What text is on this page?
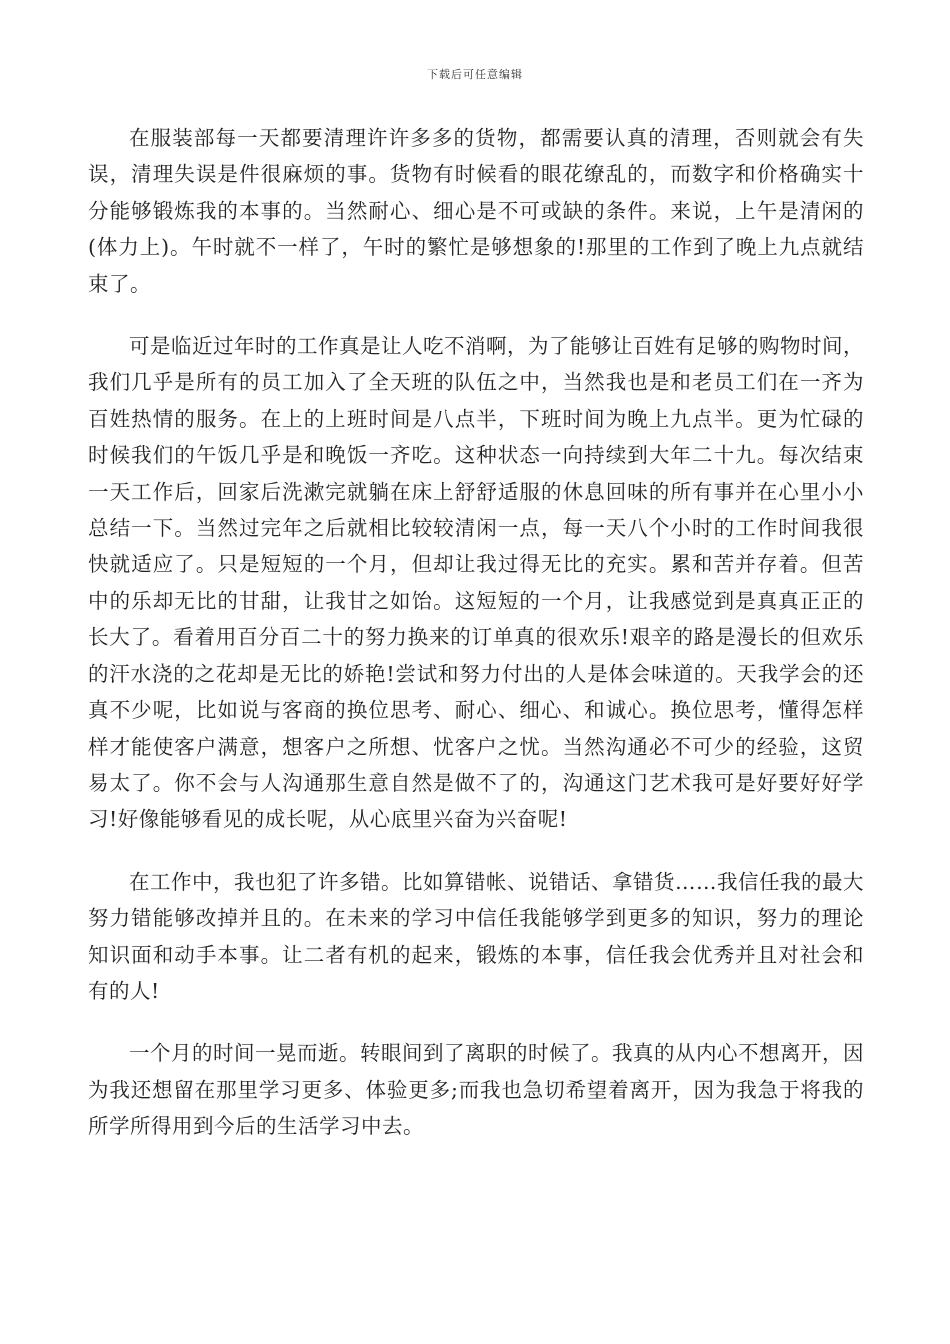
下载后可任意编辑

在服装部每一天都要清理许许多多的货物，都需要认真的清理，否则就会有失误，清理失误是件很麻烦的事。货物有时候看的眼花缭乱的，而数字和价格确实十分能够锻炼我的本事的。当然耐心、细心是不可或缺的条件。来说，上午是清闲的(体力上)。午时就不一样了，午时的繁忙是够想象的!那里的工作到了晚上九点就结束了。

可是临近过年时的工作真是让人吃不消啊，为了能够让百姓有足够的购物时间，我们几乎是所有的员工加入了全天班的队伍之中，当然我也是和老员工们在一齐为百姓热情的服务。在上的上班时间是八点半，下班时间为晚上九点半。更为忙碌的时候我们的午饭几乎是和晚饭一齐吃。这种状态一向持续到大年二十九。每次结束一天工作后，回家后洗漱完就躺在床上舒舒适服的休息回味的所有事并在心里小小总结一下。当然过完年之后就相比较较清闲一点，每一天八个小时的工作时间我很快就适应了。只是短短的一个月，但却让我过得无比的充实。累和苦并存着。但苦中的乐却无比的甘甜，让我甘之如饴。这短短的一个月，让我感觉到是真真正正的长大了。看着用百分百二十的努力换来的订单真的很欢乐!艰辛的路是漫长的但欢乐的汗水浇的之花却是无比的娇艳!尝试和努力付出的人是体会味道的。天我学会的还真不少呢，比如说与客商的换位思考、耐心、细心、和诚心。换位思考，懂得怎样样才能使客户满意，想客户之所想、忧客户之忧。当然沟通必不可少的经验，这贸易太了。你不会与人沟通那生意自然是做不了的，沟通这门艺术我可是好要好好学习!好像能够看见的成长呢，从心底里兴奋为兴奋呢!

在工作中，我也犯了许多错。比如算错帐、说错话、拿错货……我信任我的最大努力错能够改掉并且的。在未来的学习中信任我能够学到更多的知识，努力的理论知识面和动手本事。让二者有机的起来，锻炼的本事，信任我会优秀并且对社会和有的人!

一个月的时间一晃而逝。转眼间到了离职的时候了。我真的从内心不想离开，因为我还想留在那里学习更多、体验更多;而我也急切希望着离开，因为我急于将我的所学所得用到今后的生活学习中去。
